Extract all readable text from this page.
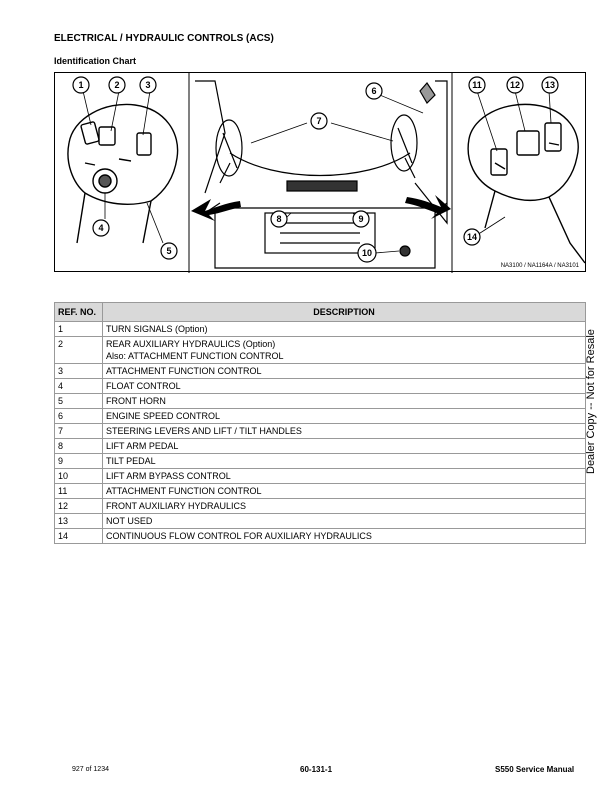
ELECTRICAL / HYDRAULIC CONTROLS (ACS)
Identification Chart
1	2	3
4
5
6
7
8	9
10
11	12	13
14
NA3100 / NA1164A / NA3101
REF. NO.	DESCRIPTION
1	TURN SIGNALS (Option)
2	REAR AUXILIARY HYDRAULICS (Option)
Also: ATTACHMENT FUNCTION CONTROL

3	ATTACHMENT FUNCTION CONTROL
4	FLOAT CONTROL
5	FRONT HORN
6	ENGINE SPEED CONTROL
7	STEERING LEVERS AND LIFT / TILT HANDLES
8	LIFT ARM PEDAL
9	TILT PEDAL
10	LIFT ARM BYPASS CONTROL
11	ATTACHMENT FUNCTION CONTROL
12	FRONT AUXILIARY HYDRAULICS
13	NOT USED
14	CONTINUOUS FLOW CONTROL FOR AUXILIARY HYDRAULICS
Dealer Copy -- Not for Resale
927 of 1234	60-131-1	S550 Service Manual
